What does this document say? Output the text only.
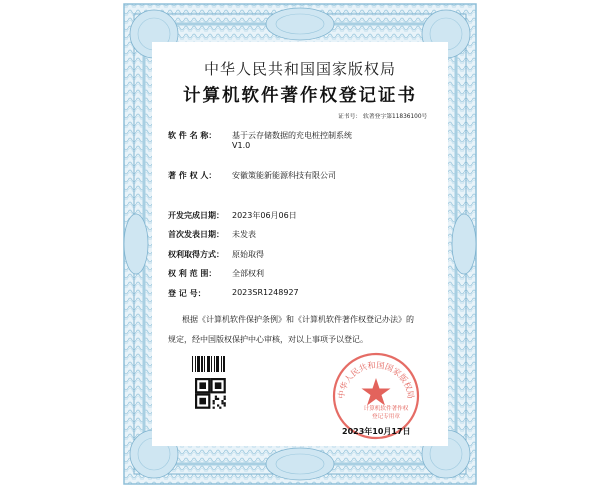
中华人民共和国国家版权局
计算机软件著作权登记证书
证书号： 软著登字第11836100号
软 件 名 称： 基于云存储数据的充电桩控制系统
V1.0
著 作 权 人： 安徽策能新能源科技有限公司
开发完成日期： 2023年06月06日
首次发表日期： 未发表
权利取得方式： 原始取得
权 利 范 围： 全部权利
登 记 号：	2023SR1248927
根据《计算机软件保护条例》和《计算机软件著作权登记办法》的
规定，经中国版权保护中心审核，对以上事项予以登记。
中华人民共和国国家版权局
计算机软件著作权
登记专用章
2023年10月17日
